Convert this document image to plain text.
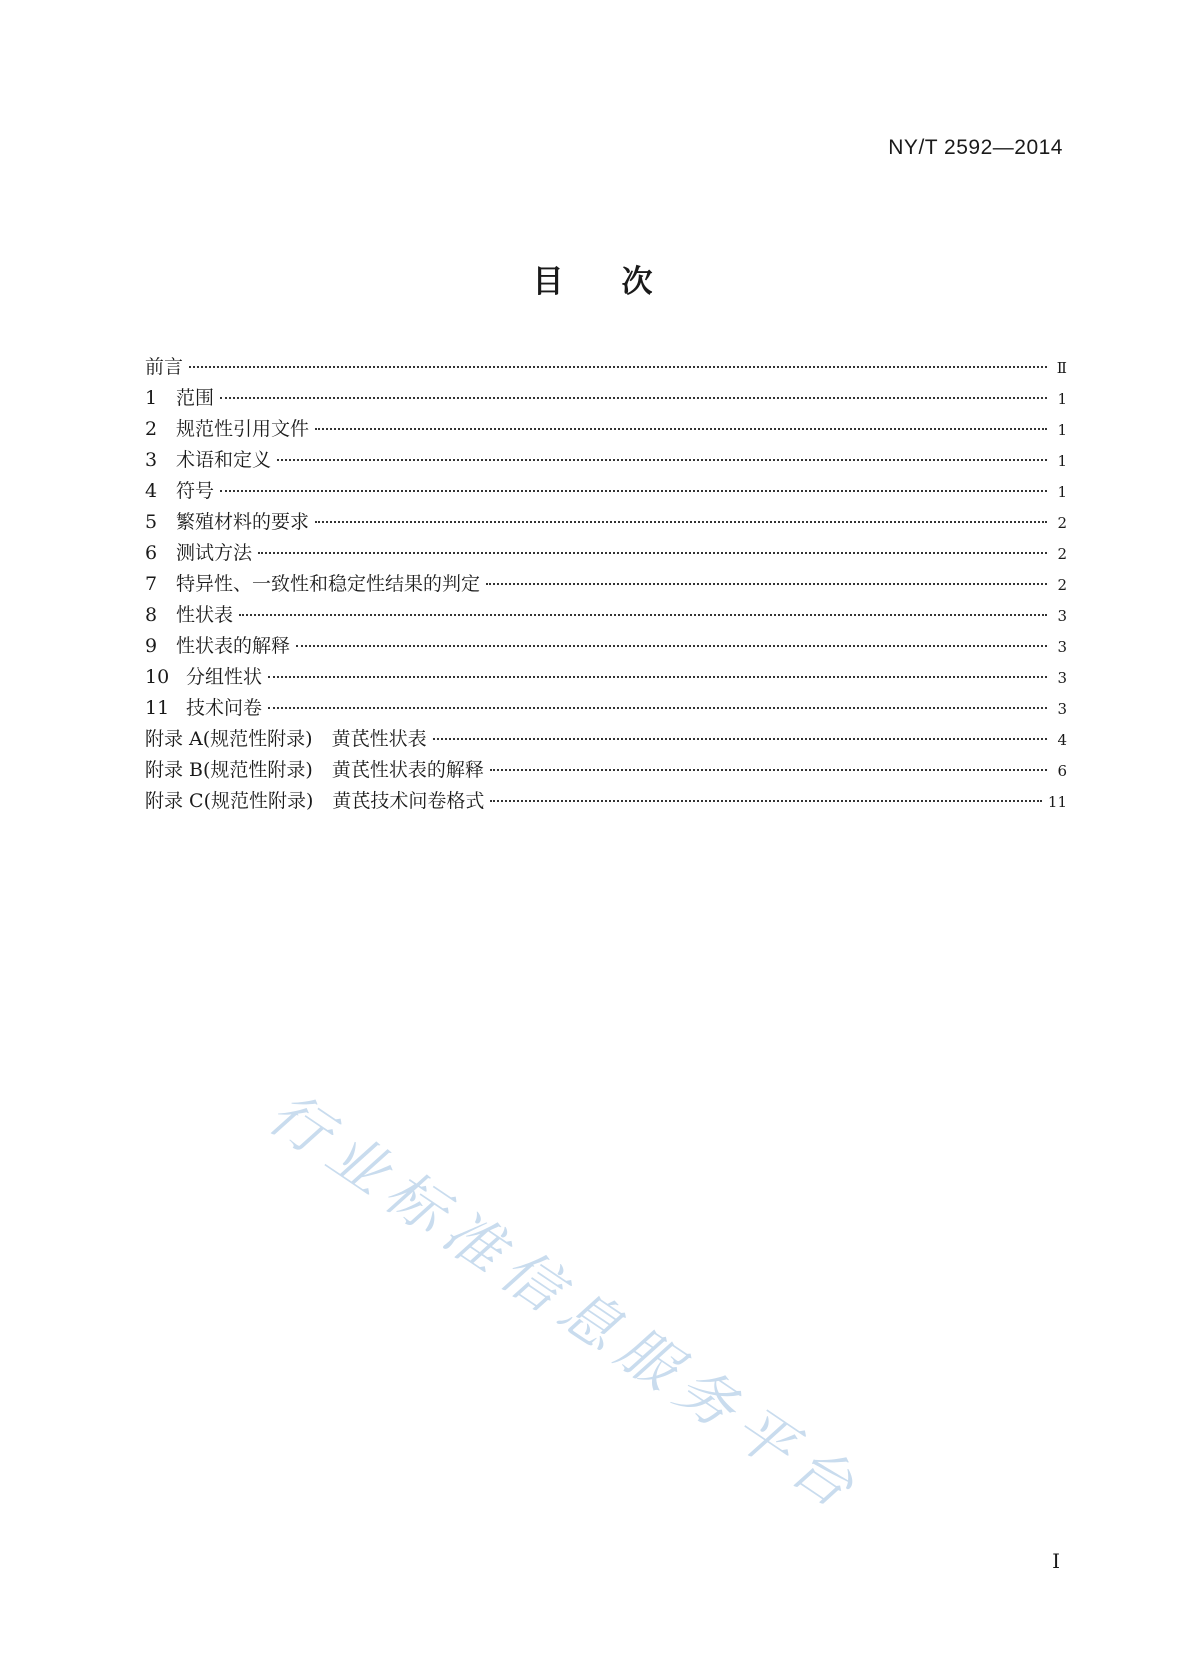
NY/T 2592—2014
目次
前言	Ⅱ
1 范围	1
2 规范性引用文件	1
3 术语和定义	1
4 符号	1
5 繁殖材料的要求	2
6 测试方法	2
7 特异性、一致性和稳定性结果的判定	2
8 性状表	3
9 性状表的解释	3
10 分组性状	3
11 技术问卷	3
附录 A(规范性附录)　黄芪性状表	4
附录 B(规范性附录)　黄芪性状表的解释	6
附录 C(规范性附录)　黄芪技术问卷格式	11
行业标准信息服务平台
Ⅰ
